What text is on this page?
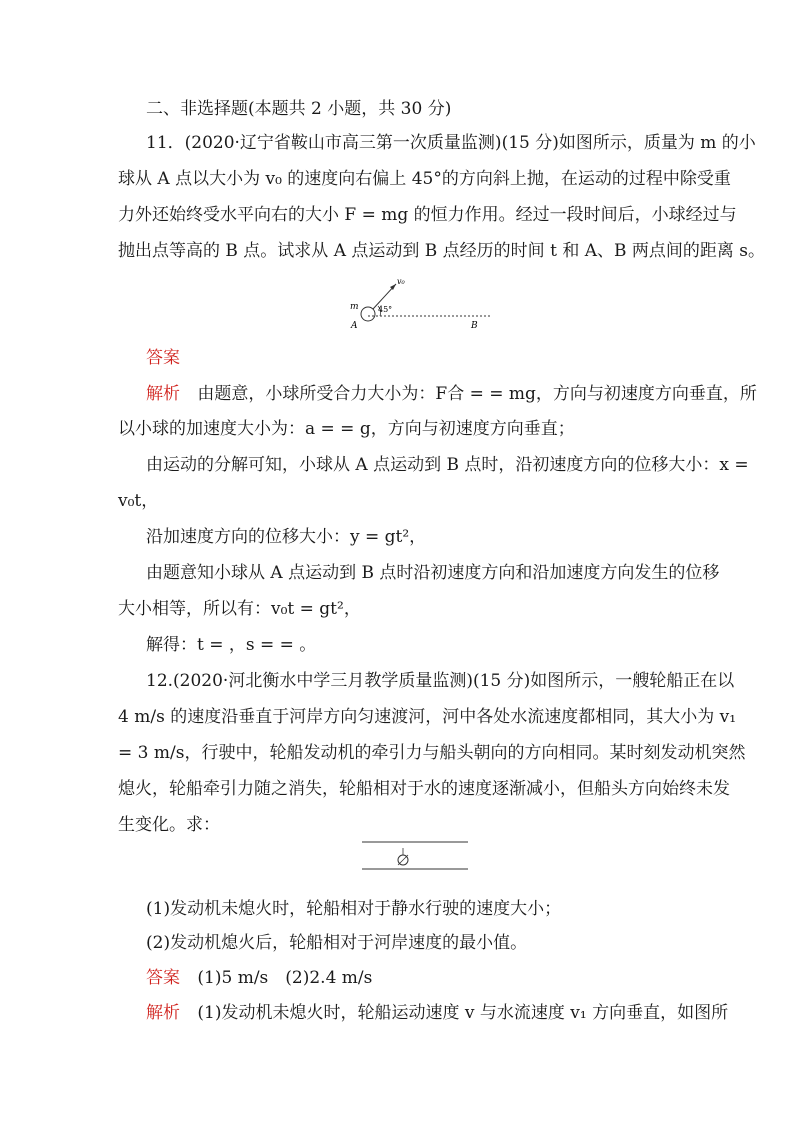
二、非选择题(本题共 2 小题，共 30 分)
11．(2020·辽宁省鞍山市高三第一次质量监测)(15 分)如图所示，质量为 m 的小
球从 A 点以大小为 v₀ 的速度向右偏上 45°的方向斜上抛，在运动的过程中除受重
力外还始终受水平向右的大小 F = mg 的恒力作用。经过一段时间后，小球经过与
抛出点等高的 B 点。试求从 A 点运动到 B 点经历的时间 t 和 A、B 两点间的距离 s。
m
A	B
v₀
45°
答案
解析 由题意，小球所受合力大小为：F合 = = mg，方向与初速度方向垂直，所
以小球的加速度大小为：a = = g，方向与初速度方向垂直；
由运动的分解可知，小球从 A 点运动到 B 点时，沿初速度方向的位移大小：x =
v₀t，
沿加速度方向的位移大小：y = gt²，
由题意知小球从 A 点运动到 B 点时沿初速度方向和沿加速度方向发生的位移
大小相等，所以有：v₀t = gt²，
解得：t = ，s = = 。
12.(2020·河北衡水中学三月教学质量监测)(15 分)如图所示，一艘轮船正在以
4 m/s 的速度沿垂直于河岸方向匀速渡河，河中各处水流速度都相同，其大小为 v₁
= 3 m/s，行驶中，轮船发动机的牵引力与船头朝向的方向相同。某时刻发动机突然
熄火，轮船牵引力随之消失，轮船相对于水的速度逐渐减小，但船头方向始终未发
生变化。求：
(1)发动机未熄火时，轮船相对于静水行驶的速度大小；
(2)发动机熄火后，轮船相对于河岸速度的最小值。
答案 (1)5 m/s　(2)2.4 m/s
解析 (1)发动机未熄火时，轮船运动速度 v 与水流速度 v₁ 方向垂直，如图所
